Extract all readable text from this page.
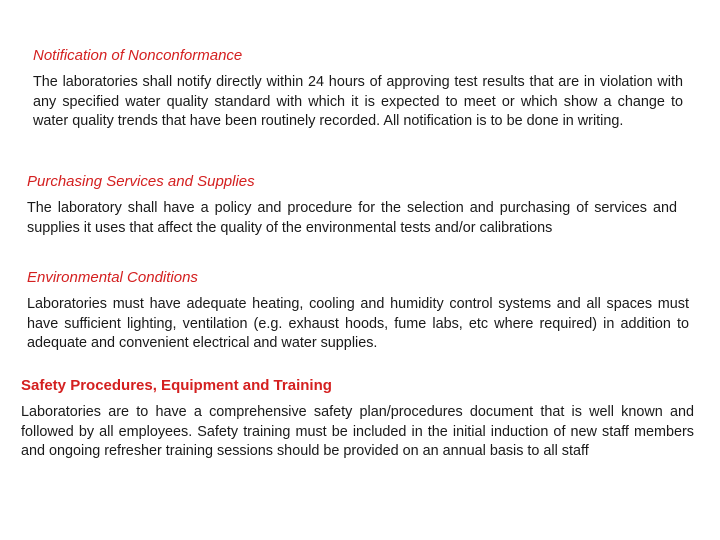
Notification of Nonconformance

The laboratories shall notify directly within 24 hours of approving test results that are in violation with any specified water quality standard with which it is expected to meet or which show a change to water quality trends that have been routinely recorded. All notification is to be done in writing.

Purchasing Services and Supplies

The laboratory shall have a policy and procedure for the selection and purchasing of services and supplies it uses that affect the quality of the environmental tests and/or calibrations

Environmental Conditions

Laboratories must have adequate heating, cooling and humidity control systems and all spaces must have sufficient lighting, ventilation (e.g. exhaust hoods, fume labs, etc where required) in addition to adequate and convenient electrical and water supplies.

Safety Procedures, Equipment and Training

Laboratories are to have a comprehensive safety plan/procedures document that is well known and followed by all employees. Safety training must be included in the initial induction of new staff members and ongoing refresher training sessions should be provided on an annual basis to all staff
